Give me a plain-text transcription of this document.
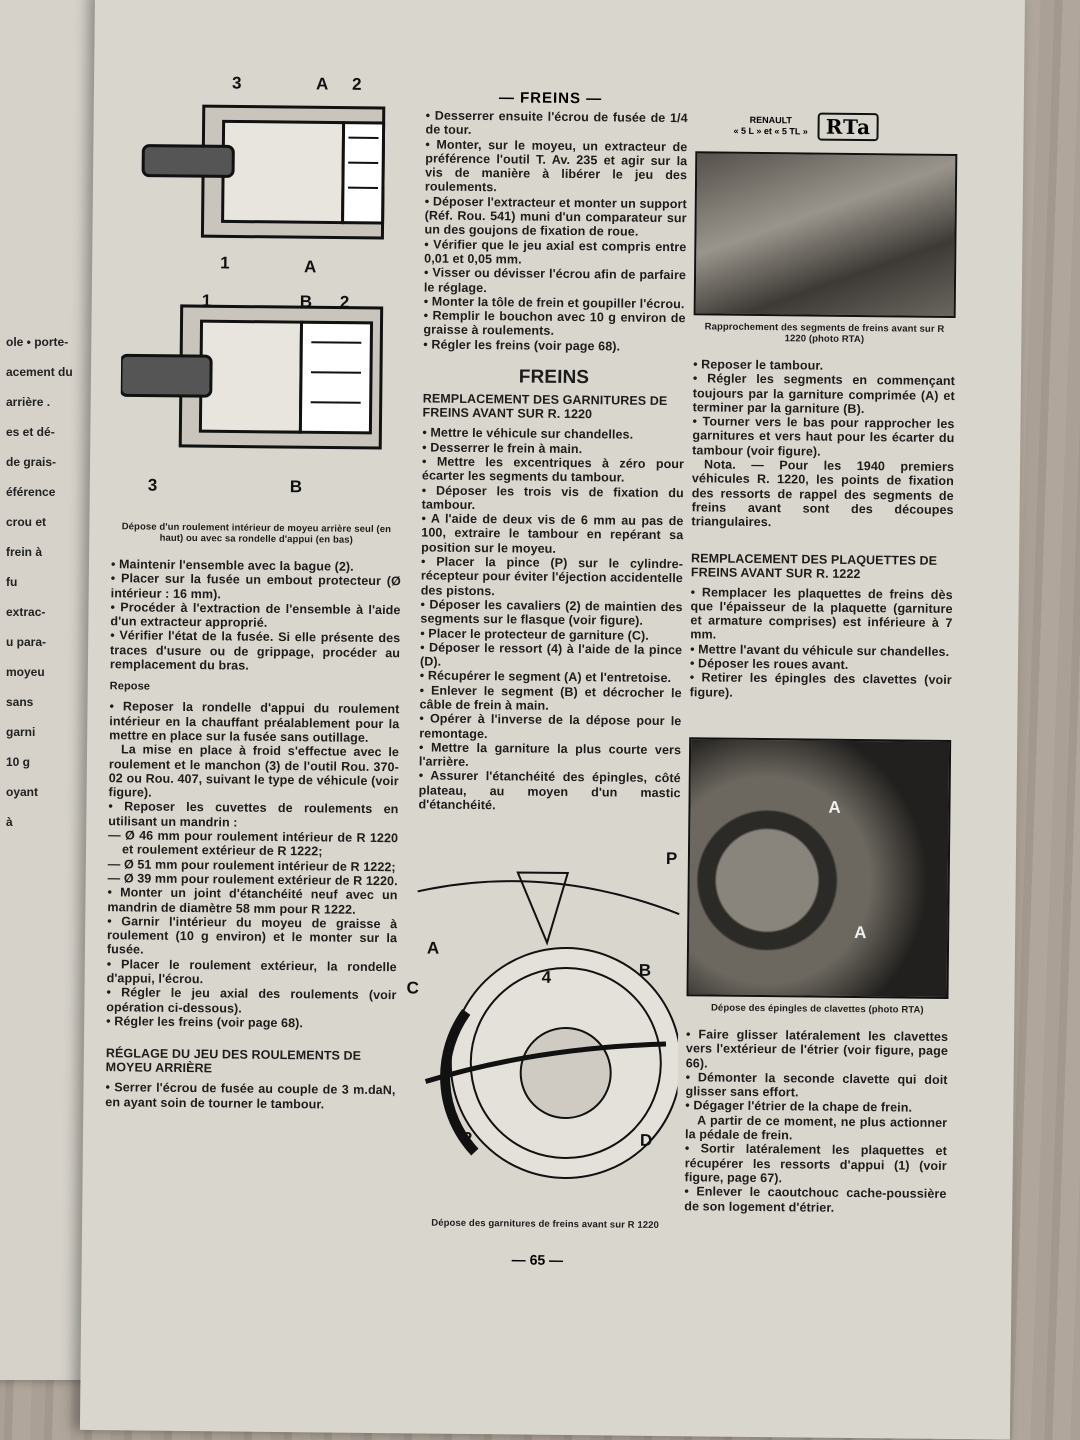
ole • porte-
acement du
arrière .
es et dé-
de grais-
éférence
crou et
frein à
fu
extrac-
u para-
moyeu
sans
garni
10 g
oyant
à
— FREINS —
RENAULT
« 5 L » et « 5 TL » RTa
3	A 2
1	A
1	B 2
3	B
Dépose d'un roulement intérieur de moyeu arrière seul (en haut) ou avec sa rondelle d'appui (en bas)

• Maintenir l'ensemble avec la bague (2).

• Placer sur la fusée un embout protecteur (Ø intérieur : 16 mm).

• Procéder à l'extraction de l'ensemble à l'aide d'un extracteur approprié.

• Vérifier l'état de la fusée. Si elle présente des traces d'usure ou de grippage, procéder au remplacement du bras.

Repose

• Reposer la rondelle d'appui du roulement intérieur en la chauffant préalablement pour la mettre en place sur la fusée sans outillage.

La mise en place à froid s'effectue avec le roulement et le manchon (3) de l'outil Rou. 370-02 ou Rou. 407, suivant le type de véhicule (voir figure).

• Reposer les cuvettes de roulements en utilisant un mandrin :

— Ø 46 mm pour roulement intérieur de R 1220 et roulement extérieur de R 1222;

— Ø 51 mm pour roulement intérieur de R 1222;

— Ø 39 mm pour roulement extérieur de R 1220.

• Monter un joint d'étanchéité neuf avec un mandrin de diamètre 58 mm pour R 1222.

• Garnir l'intérieur du moyeu de graisse à roulement (10 g environ) et le monter sur la fusée.

• Placer le roulement extérieur, la rondelle d'appui, l'écrou.

• Régler le jeu axial des roulements (voir opération ci-dessous).

• Régler les freins (voir page 68).

RÉGLAGE DU JEU DES ROULEMENTS DE MOYEU ARRIÈRE

• Serrer l'écrou de fusée au couple de 3 m.daN, en ayant soin de tourner le tambour.

• Desserrer ensuite l'écrou de fusée de 1/4 de tour.

• Monter, sur le moyeu, un extracteur de préférence l'outil T. Av. 235 et agir sur la vis de manière à libérer le jeu des roulements.

• Déposer l'extracteur et monter un support (Réf. Rou. 541) muni d'un comparateur sur un des goujons de fixation de roue.

• Vérifier que le jeu axial est compris entre 0,01 et 0,05 mm.

• Visser ou dévisser l'écrou afin de parfaire le réglage.

• Monter la tôle de frein et goupiller l'écrou.

• Remplir le bouchon avec 10 g environ de graisse à roulements.

• Régler les freins (voir page 68).

FREINS
REMPLACEMENT DES GARNITURES DE FREINS AVANT SUR R. 1220

• Mettre le véhicule sur chandelles.

• Desserrer le frein à main.

• Mettre les excentriques à zéro pour écarter les segments du tambour.

• Déposer les trois vis de fixation du tambour.

• A l'aide de deux vis de 6 mm au pas de 100, extraire le tambour en repérant sa position sur le moyeu.

• Placer la pince (P) sur le cylindre-récepteur pour éviter l'éjection accidentelle des pistons.

• Déposer les cavaliers (2) de maintien des segments sur le flasque (voir figure).

• Placer le protecteur de garniture (C).

• Déposer le ressort (4) à l'aide de la pince (D).

• Récupérer le segment (A) et l'entretoise.

• Enlever le segment (B) et décrocher le câble de frein à main.

• Opérer à l'inverse de la dépose pour le remontage.

• Mettre la garniture la plus courte vers l'arrière.

• Assurer l'étanchéité des épingles, côté plateau, au moyen d'un mastic d'étanchéité.

P
A
C
4	B
2	D
Dépose des garnitures de freins avant sur R 1220
— 65 —
Rapprochement des segments de freins avant sur R 1220 (photo RTA)

• Reposer le tambour.

• Régler les segments en commençant toujours par la garniture comprimée (A) et terminer par la garniture (B).

• Tourner vers le bas pour rapprocher les garnitures et vers haut pour les écarter du tambour (voir figure).

Nota. — Pour les 1940 premiers véhicules R. 1220, les points de fixation des ressorts de rappel des segments de freins avant sont des découpes triangulaires.

REMPLACEMENT DES PLAQUETTES DE FREINS AVANT SUR R. 1222

• Remplacer les plaquettes de freins dès que l'épaisseur de la plaquette (garniture et armature comprises) est inférieure à 7 mm.

• Mettre l'avant du véhicule sur chandelles.

• Déposer les roues avant.

• Retirer les épingles des clavettes (voir figure).

A
A
Dépose des épingles de clavettes (photo RTA)

• Faire glisser latéralement les clavettes vers l'extérieur de l'étrier (voir figure, page 66).

• Démonter la seconde clavette qui doit glisser sans effort.

• Dégager l'étrier de la chape de frein.

A partir de ce moment, ne plus actionner la pédale de frein.

• Sortir latéralement les plaquettes et récupérer les ressorts d'appui (1) (voir figure, page 67).

• Enlever le caoutchouc cache-poussière de son logement d'étrier.
